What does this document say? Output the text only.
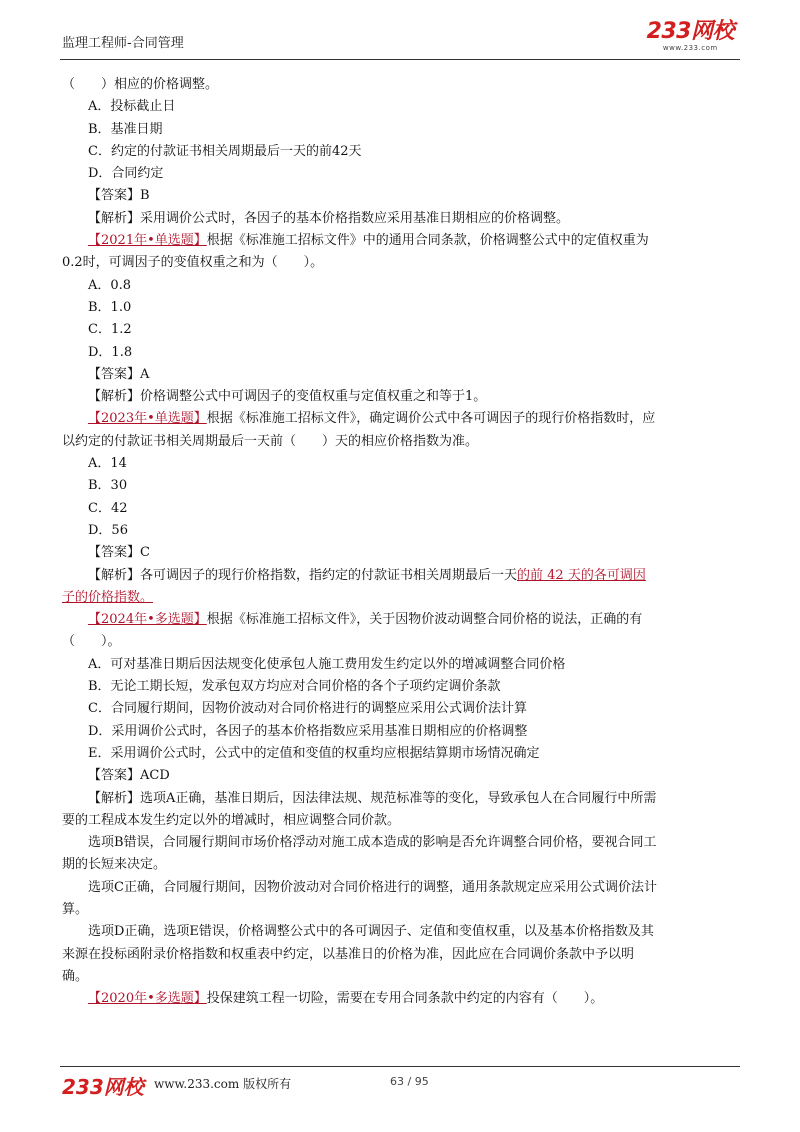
监理工程师-合同管理	233网校
www.233.com

（　　）相应的价格调整。

A．投标截止日

B．基准日期

C．约定的付款证书相关周期最后一天的前42天

D．合同约定

【答案】B

【解析】采用调价公式时，各因子的基本价格指数应采用基准日期相应的价格调整。

【2021年•单选题】根据《标准施工招标文件》中的通用合同条款，价格调整公式中的定值权重为

0.2时，可调因子的变值权重之和为（　　）。

A．0.8

B．1.0

C．1.2

D．1.8

【答案】A

【解析】价格调整公式中可调因子的变值权重与定值权重之和等于1。

【2023年•单选题】根据《标准施工招标文件》，确定调价公式中各可调因子的现行价格指数时，应

以约定的付款证书相关周期最后一天前（　　）天的相应价格指数为准。

A．14

B．30

C．42

D．56

【答案】C

【解析】各可调因子的现行价格指数，指约定的付款证书相关周期最后一天的前 42 天的各可调因

子的价格指数。

【2024年•多选题】根据《标准施工招标文件》，关于因物价波动调整合同价格的说法，正确的有

（　　）。

A．可对基准日期后因法规变化使承包人施工费用发生约定以外的增减调整合同价格

B．无论工期长短，发承包双方均应对合同价格的各个子项约定调价条款

C．合同履行期间，因物价波动对合同价格进行的调整应采用公式调价法计算

D．采用调价公式时，各因子的基本价格指数应采用基准日期相应的价格调整

E．采用调价公式时，公式中的定值和变值的权重均应根据结算期市场情况确定

【答案】ACD

【解析】选项A正确，基准日期后，因法律法规、规范标准等的变化，导致承包人在合同履行中所需

要的工程成本发生约定以外的增减时，相应调整合同价款。

选项B错误，合同履行期间市场价格浮动对施工成本造成的影响是否允许调整合同价格，要视合同工

期的长短来决定。

选项C正确，合同履行期间，因物价波动对合同价格进行的调整，通用条款规定应采用公式调价法计

算。

选项D正确，选项E错误，价格调整公式中的各可调因子、定值和变值权重，以及基本价格指数及其

来源在投标函附录价格指数和权重表中约定，以基准日的价格为准，因此应在合同调价条款中予以明

确。

【2020年•多选题】投保建筑工程一切险，需要在专用合同条款中约定的内容有（　　）。

233网校 www.233.com 版权所有	63 / 95
